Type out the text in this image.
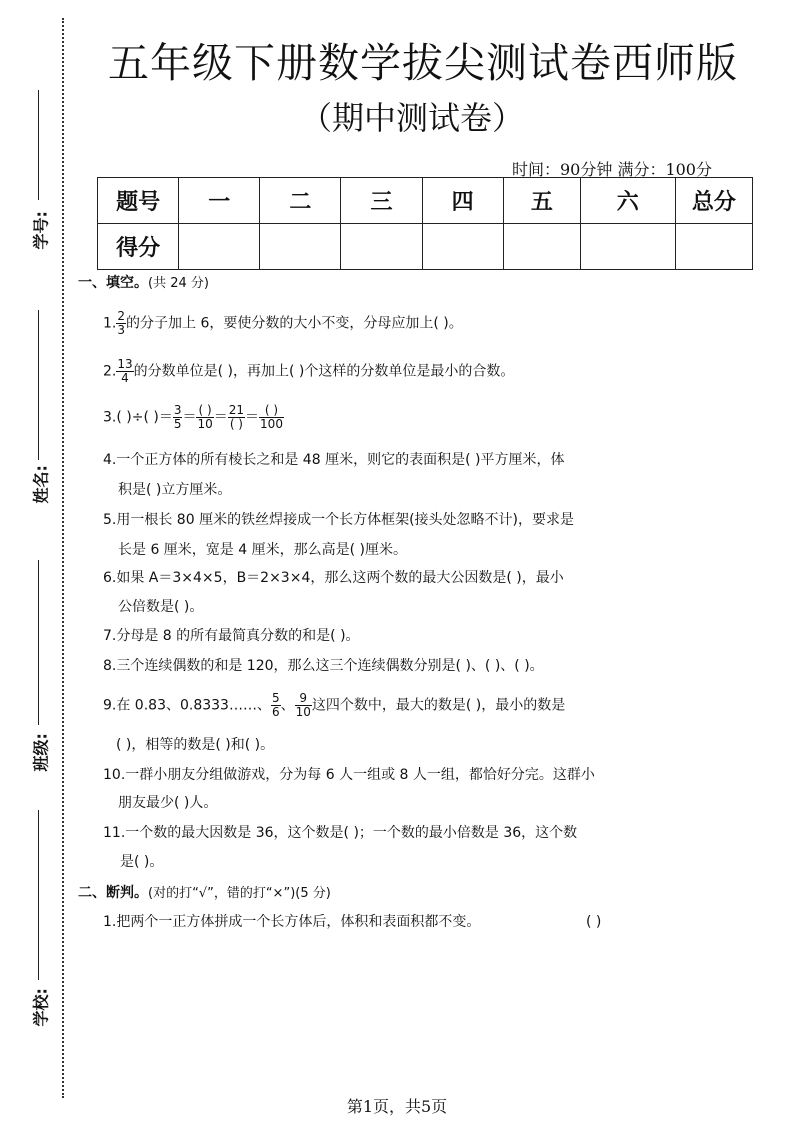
学号:
姓名:
班级:
学校:
五年级下册数学拔尖测试卷西师版
（期中测试卷）
时间：90分钟 满分：100分
题号	一	二	三	四	五	六	总分
得分							
一、填空。(共 24 分)
1. $\frac{2}{3}$ 的分子加上 6，要使分数的大小不变，分母应加上( )。
2. $\frac{13}{4}$ 的分数单位是( )，再加上( )个这样的分数单位是最小的合数。
3.( )÷( )＝ $\frac{3}{5} = \frac{( )}{10} = \frac{21}{( )} = \frac{( )}{100}$
4.一个正方体的所有棱长之和是 48 厘米，则它的表面积是( )平方厘米，体
积是( )立方厘米。
5.用一根长 80 厘米的铁丝焊接成一个长方体框架(接头处忽略不计)，要求是
长是 6 厘米，宽是 4 厘米，那么高是( )厘米。
6.如果 A＝3×4×5，B＝2×3×4，那么这两个数的最大公因数是( )，最小
公倍数是( )。
7.分母是 8 的所有最简真分数的和是( )。
8.三个连续偶数的和是 120，那么这三个连续偶数分别是( )、( )、( )。
9.在 0.83、0.8333……、 $\frac{5}{6}$ 、 $\frac{9}{10}$ 这四个数中，最大的数是( )，最小的数是
( )，相等的数是( )和( )。
10.一群小朋友分组做游戏，分为每 6 人一组或 8 人一组，都恰好分完。这群小
朋友最少( )人。
11.一个数的最大因数是 36，这个数是( )；一个数的最小倍数是 36，这个数
是( )。
二、断判。(对的打“√”，错的打“×”)(5 分)
1.把两个一正方体拼成一个长方体后，体积和表面积都不变。	( )
第1页，共5页
